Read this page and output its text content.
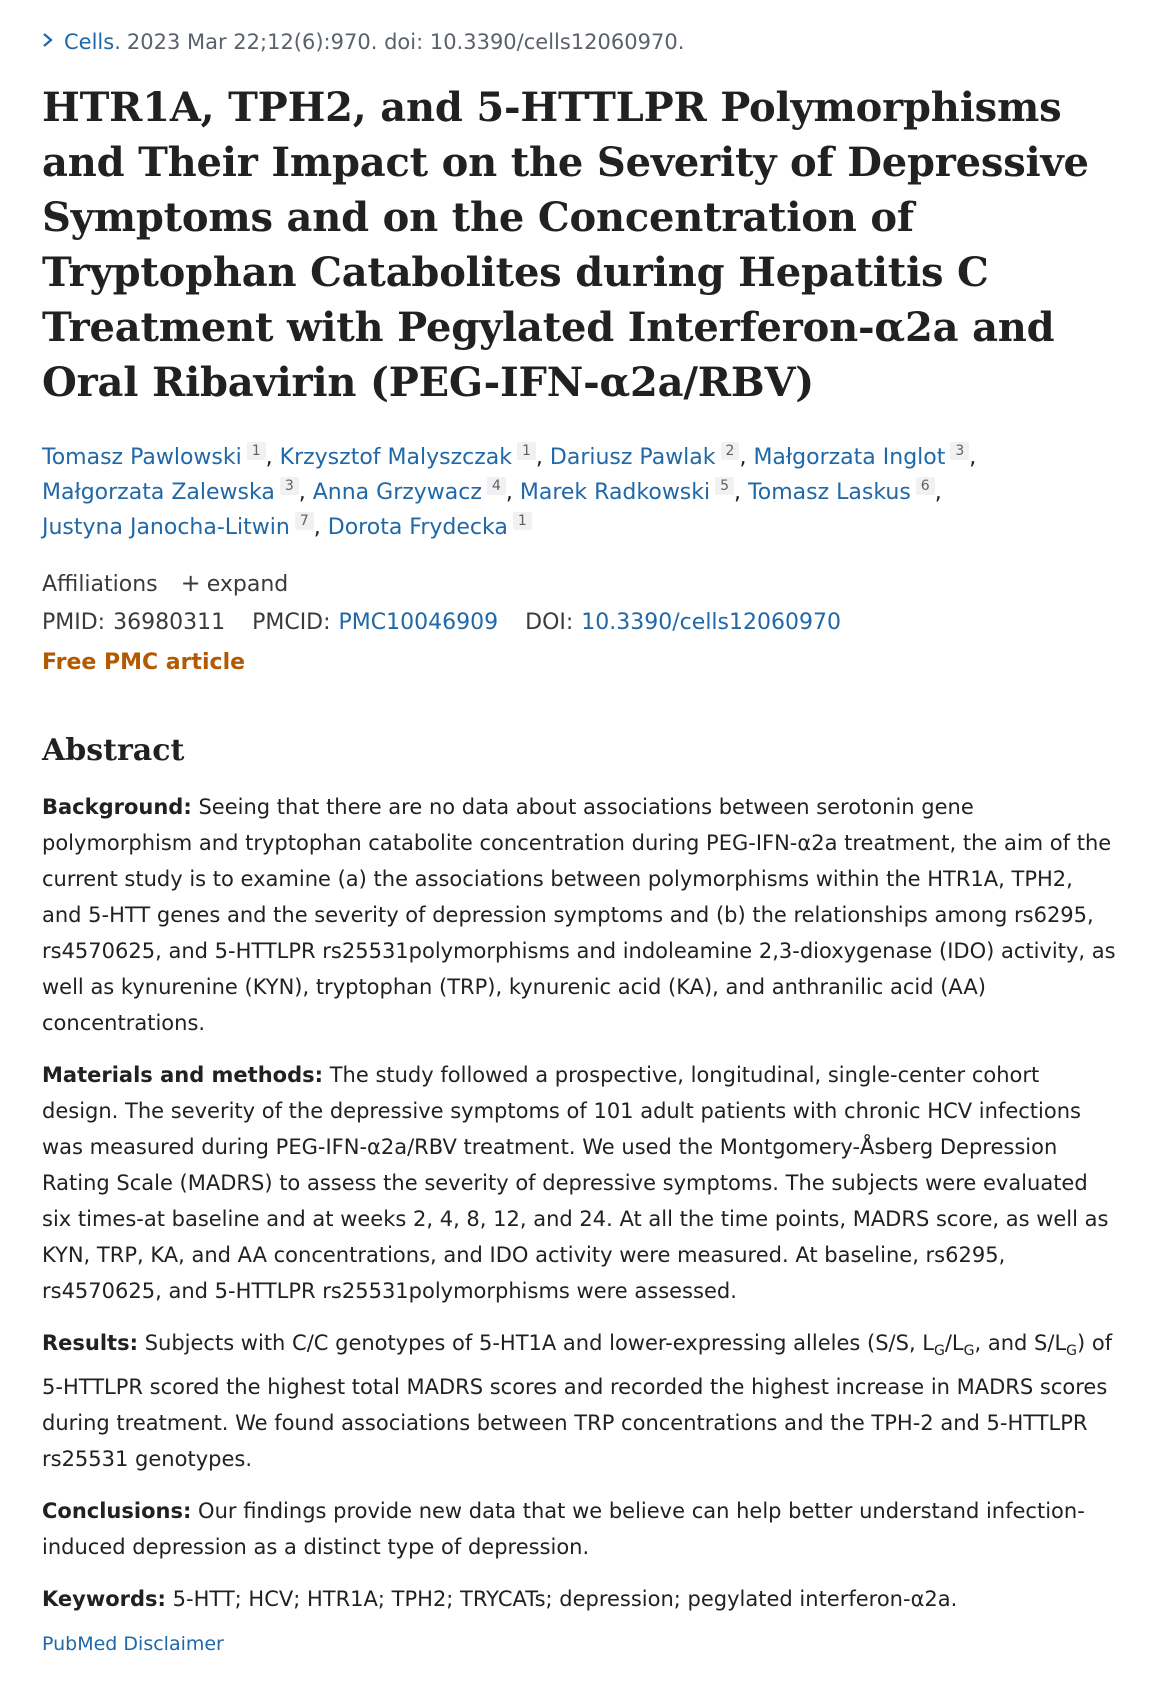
Cells. 2023 Mar 22;12(6):970. doi: 10.3390/cells12060970.
HTR1A, TPH2, and 5-HTTLPR Polymorphisms and Their Impact on the Severity of Depressive Symptoms and on the Concentration of Tryptophan Catabolites during Hepatitis C Treatment with Pegylated Interferon-α2a and Oral Ribavirin (PEG-IFN-α2a/RBV)
Tomasz Pawlowski 1 , Krzysztof Malyszczak 1 , Dariusz Pawlak 2 , Małgorzata Inglot 3 , Małgorzata Zalewska 3 , Anna Grzywacz 4 , Marek Radkowski 5 , Tomasz Laskus 6 , Justyna Janocha-Litwin 7 , Dorota Frydecka 1
Affiliations + expand
PMID: 36980311 PMCID: PMC10046909 DOI: 10.3390/cells12060970
Free PMC article
Abstract

Background: Seeing that there are no data about associations between serotonin gene polymorphism and tryptophan catabolite concentration during PEG-IFN-α2a treatment, the aim of the current study is to examine (a) the associations between polymorphisms within the HTR1A, TPH2, and 5-HTT genes and the severity of depression symptoms and (b) the relationships among rs6295, rs4570625, and 5-HTTLPR rs25531polymorphisms and indoleamine 2,3-dioxygenase (IDO) activity, as well as kynurenine (KYN), tryptophan (TRP), kynurenic acid (KA), and anthranilic acid (AA) concentrations.

Materials and methods: The study followed a prospective, longitudinal, single-center cohort design. The severity of the depressive symptoms of 101 adult patients with chronic HCV infections was measured during PEG-IFN-α2a/RBV treatment. We used the Montgomery-Åsberg Depression Rating Scale (MADRS) to assess the severity of depressive symptoms. The subjects were evaluated six times-at baseline and at weeks 2, 4, 8, 12, and 24. At all the time points, MADRS score, as well as KYN, TRP, KA, and AA concentrations, and IDO activity were measured. At baseline, rs6295, rs4570625, and 5-HTTLPR rs25531polymorphisms were assessed.

Results: Subjects with C/C genotypes of 5-HT1A and lower-expressing alleles (S/S, $L_G/L_G$, and $S/L_G$) of 5-HTTLPR scored the highest total MADRS scores and recorded the highest increase in MADRS scores during treatment. We found associations between TRP concentrations and the TPH-2 and 5-HTTLPR rs25531 genotypes.

Conclusions: Our findings provide new data that we believe can help better understand infection-induced depression as a distinct type of depression.

Keywords: 5-HTT; HCV; HTR1A; TPH2; TRYCATs; depression; pegylated interferon-α2a.

PubMed Disclaimer
